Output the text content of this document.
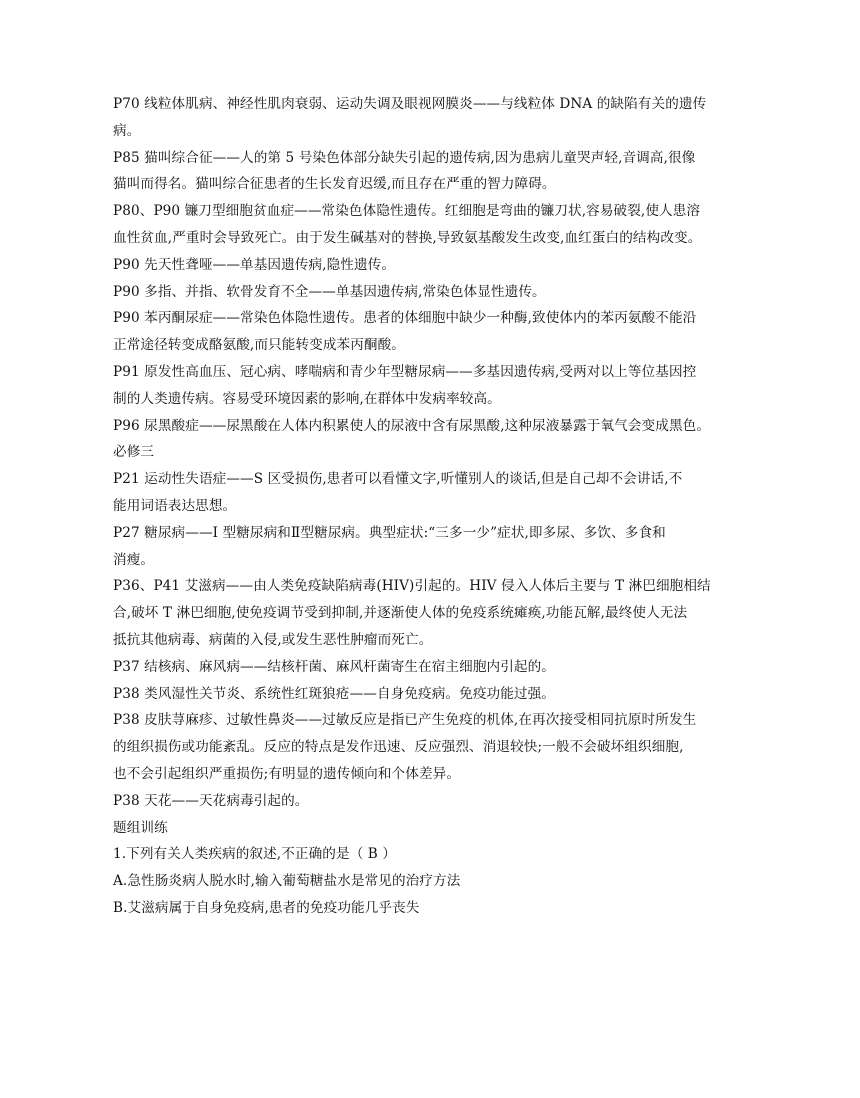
P70 线粒体肌病、神经性肌肉衰弱、运动失调及眼视网膜炎——与线粒体 DNA 的缺陷有关的遗传
病。
P85 猫叫综合征——人的第 5 号染色体部分缺失引起的遗传病,因为患病儿童哭声轻,音调高,很像
猫叫而得名。猫叫综合征患者的生长发育迟缓,而且存在严重的智力障碍。
P80、P90 镰刀型细胞贫血症——常染色体隐性遗传。红细胞是弯曲的镰刀状,容易破裂,使人患溶
血性贫血,严重时会导致死亡。由于发生碱基对的替换,导致氨基酸发生改变,血红蛋白的结构改变。
P90 先天性聋哑——单基因遗传病,隐性遗传。
P90 多指、并指、软骨发育不全——单基因遗传病,常染色体显性遗传。
P90 苯丙酮尿症——常染色体隐性遗传。患者的体细胞中缺少一种酶,致使体内的苯丙氨酸不能沿
正常途径转变成酪氨酸,而只能转变成苯丙酮酸。
P91 原发性高血压、冠心病、哮喘病和青少年型糖尿病——多基因遗传病,受两对以上等位基因控
制的人类遗传病。容易受环境因素的影响,在群体中发病率较高。
P96 尿黑酸症——尿黑酸在人体内积累使人的尿液中含有尿黑酸,这种尿液暴露于氧气会变成黑色。
必修三
P21 运动性失语症——S 区受损伤,患者可以看懂文字,听懂别人的谈话,但是自己却不会讲话,不
能用词语表达思想。
P27 糖尿病——I 型糖尿病和Ⅱ型糖尿病。典型症状:“三多一少”症状,即多尿、多饮、多食和
消瘦。
P36、P41 艾滋病——由人类免疫缺陷病毒(HIV)引起的。HIV 侵入人体后主要与 T 淋巴细胞相结
合,破坏 T 淋巴细胞,使免疫调节受到抑制,并逐渐使人体的免疫系统瘫痪,功能瓦解,最终使人无法
抵抗其他病毒、病菌的入侵,或发生恶性肿瘤而死亡。
P37 结核病、麻风病——结核杆菌、麻风杆菌寄生在宿主细胞内引起的。
P38 类风湿性关节炎、系统性红斑狼疮——自身免疫病。免疫功能过强。
P38 皮肤荨麻疹、过敏性鼻炎——过敏反应是指已产生免疫的机体,在再次接受相同抗原时所发生
的组织损伤或功能紊乱。反应的特点是发作迅速、反应强烈、消退较快;一般不会破坏组织细胞,
也不会引起组织严重损伤;有明显的遗传倾向和个体差异。
P38 天花——天花病毒引起的。
题组训练
1.下列有关人类疾病的叙述,不正确的是（ B ）
A.急性肠炎病人脱水时,输入葡萄糖盐水是常见的治疗方法
B.艾滋病属于自身免疫病,患者的免疫功能几乎丧失
